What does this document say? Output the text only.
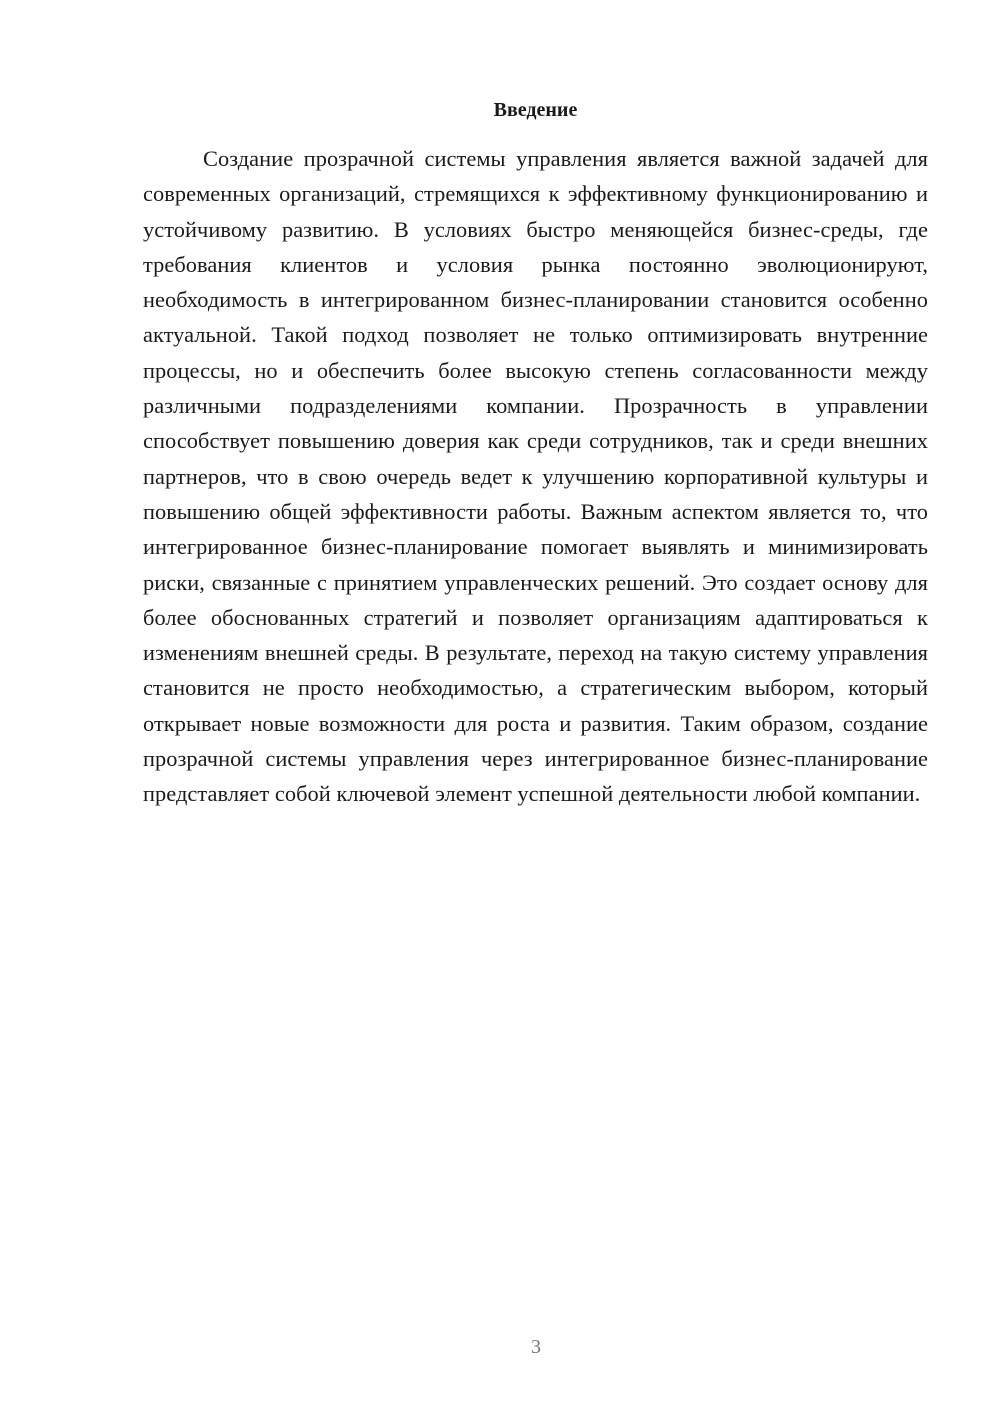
Введение

Создание прозрачной системы управления является важной задачей для современных организаций, стремящихся к эффективному функционированию и устойчивому развитию. В условиях быстро меняющейся бизнес-среды, где требования клиентов и условия рынка постоянно эволюционируют, необходимость в интегрированном бизнес-планировании становится особенно актуальной. Такой подход позволяет не только оптимизировать внутренние процессы, но и обеспечить более высокую степень согласованности между различными подразделениями компании. Прозрачность в управлении способствует повышению доверия как среди сотрудников, так и среди внешних партнеров, что в свою очередь ведет к улучшению корпоративной культуры и повышению общей эффективности работы. Важным аспектом является то, что интегрированное бизнес-планирование помогает выявлять и минимизировать риски, связанные с принятием управленческих решений. Это создает основу для более обоснованных стратегий и позволяет организациям адаптироваться к изменениям внешней среды. В результате, переход на такую систему управления становится не просто необходимостью, а стратегическим выбором, который открывает новые возможности для роста и развития. Таким образом, создание прозрачной системы управления через интегрированное бизнес-планирование представляет собой ключевой элемент успешной деятельности любой компании.

3
